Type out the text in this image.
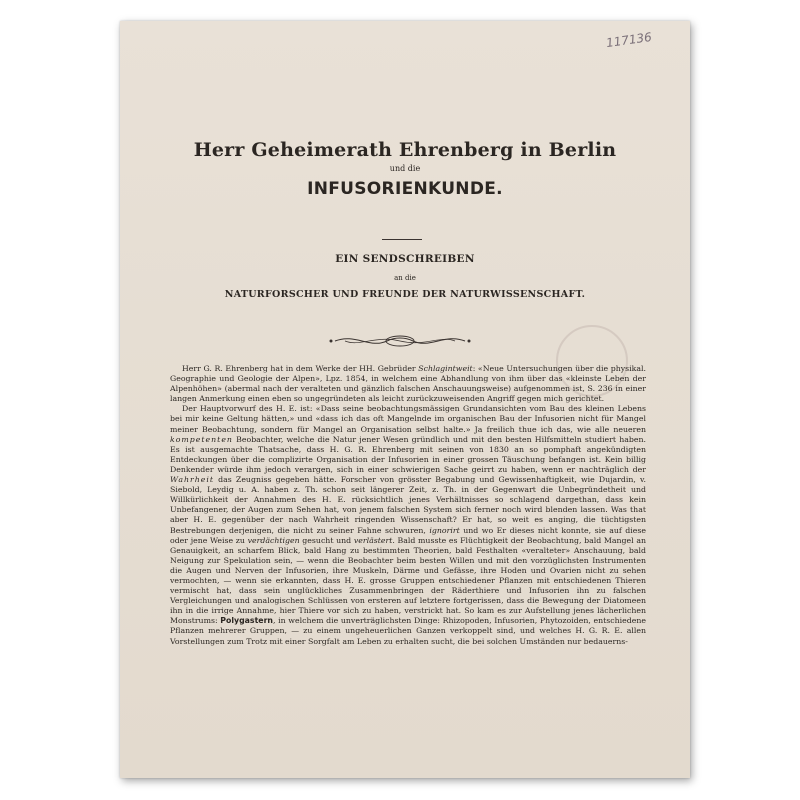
117136
Herr Geheimerath Ehrenberg in Berlin
und die
INFUSORIENKUNDE.
EIN SENDSCHREIBEN
an die
NATURFORSCHER UND FREUNDE DER NATURWISSENSCHAFT.

Herr G. R. Ehrenberg hat in dem Werke der HH. Gebrüder Schlagintweit: «Neue Untersuchungen über die physikal. Geographie und Geologie der Alpen», Lpz. 1854, in welchem eine Abhandlung von ihm über das «kleinste Leben der Alpenhöhen» (abermal nach der veralteten und gänzlich falschen Anschauungsweise) aufgenommen ist, S. 236 in einer langen Anmerkung einen eben so ungegründeten als leicht zurückzuweisenden Angriff gegen mich gerichtet.

Der Hauptvorwurf des H. E. ist: «Dass seine beobachtungsmässigen Grundansichten vom Bau des kleinen Lebens bei mir keine Geltung hätten,» und «dass ich das oft Mangelnde im organischen Bau der Infusorien nicht für Mangel meiner Beobachtung, sondern für Mangel an Organisation selbst halte.» Ja freilich thue ich das, wie alle neueren kompetenten Beobachter, welche die Natur jener Wesen gründlich und mit den besten Hilfsmitteln studiert haben. Es ist ausgemachte Thatsache, dass H. G. R. Ehrenberg mit seinen von 1830 an so pomphaft angekündigten Entdeckungen über die complizirte Organisation der Infusorien in einer grossen Täuschung befangen ist. Kein billig Denkender würde ihm jedoch verargen, sich in einer schwierigen Sache geirrt zu haben, wenn er nachträglich der Wahrheit das Zeugniss gegeben hätte. Forscher von grösster Begabung und Gewissenhaftigkeit, wie Dujardin, v. Siebold, Leydig u. A. haben z. Th. schon seit längerer Zeit, z. Th. in der Gegenwart die Unbegründetheit und Willkürlichkeit der Annahmen des H. E. rücksichtlich jenes Verhältnisses so schlagend dargethan, dass kein Unbefangener, der Augen zum Sehen hat, von jenem falschen System sich ferner noch wird blenden lassen. Was that aber H. E. gegenüber der nach Wahrheit ringenden Wissenschaft? Er hat, so weit es anging, die tüchtigsten Bestrebungen derjenigen, die nicht zu seiner Fahne schwuren, ignorirt und wo Er dieses nicht konnte, sie auf diese oder jene Weise zu verdächtigen gesucht und verlästert. Bald musste es Flüchtigkeit der Beobachtung, bald Mangel an Genauigkeit, an scharfem Blick, bald Hang zu bestimmten Theorien, bald Festhalten «veralteter» Anschauung, bald Neigung zur Spekulation sein, — wenn die Beobachter beim besten Willen und mit den vorzüglichsten Instrumenten die Augen und Nerven der Infusorien, ihre Muskeln, Därme und Gefässe, ihre Hoden und Ovarien nicht zu sehen vermochten, — wenn sie erkannten, dass H. E. grosse Gruppen entschiedener Pflanzen mit entschiedenen Thieren vermischt hat, dass sein unglückliches Zusammenbringen der Räderthiere und Infusorien ihn zu falschen Vergleichungen und analogischen Schlüssen von ersteren auf letztere fortgerissen, dass die Bewegung der Diatomeen ihn in die irrige Annahme, hier Thiere vor sich zu haben, verstrickt hat. So kam es zur Aufstellung jenes lächerlichen Monstrums: Polygastern, in welchem die unverträglichsten Dinge: Rhizopoden, Infusorien, Phytozoiden, entschiedene Pflanzen mehrerer Gruppen, — zu einem ungeheuerlichen Ganzen verkoppelt sind, und welches H. G. R. E. allen Vorstellungen zum Trotz mit einer Sorgfalt am Leben zu erhalten sucht, die bei solchen Umständen nur bedauerns-
